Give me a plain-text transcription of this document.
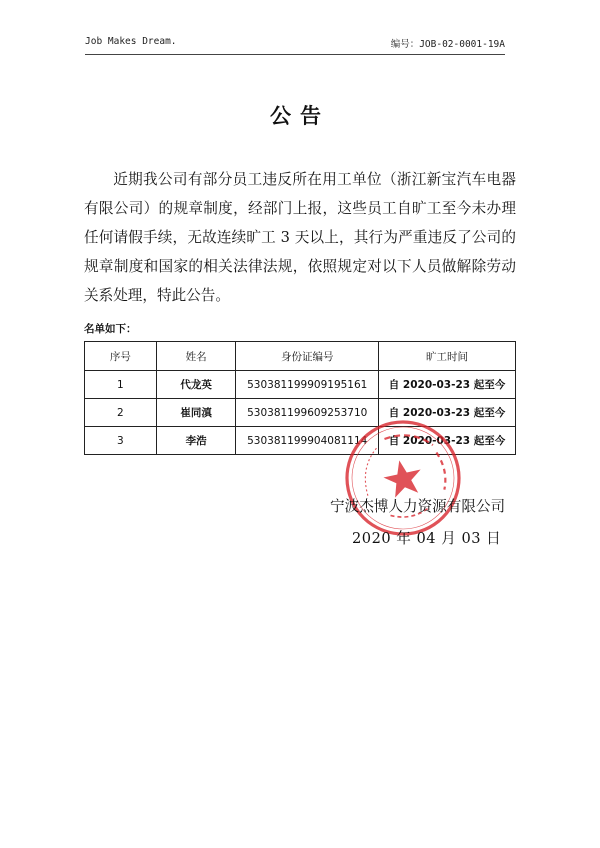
Job Makes Dream.	编号：JOB-02-0001-19A
公告

近期我公司有部分员工违反所在用工单位（浙江新宝汽车电器有限公司）的规章制度，经部门上报，这些员工自旷工至今未办理任何请假手续，无故连续旷工 3 天以上，其行为严重违反了公司的规章制度和国家的相关法律法规，依照规定对以下人员做解除劳动关系处理，特此公告。

名单如下：
序号	姓名	身份证编号	旷工时间
1	代龙英	530381199909195161	自 2020-03-23 起至今
2	崔同滇	530381199609253710	自 2020-03-23 起至今
3	李浩	530381199904081114	自 2020-03-23 起至今
宁波杰博人力资源有限公司
2020 年 04 月 03 日
